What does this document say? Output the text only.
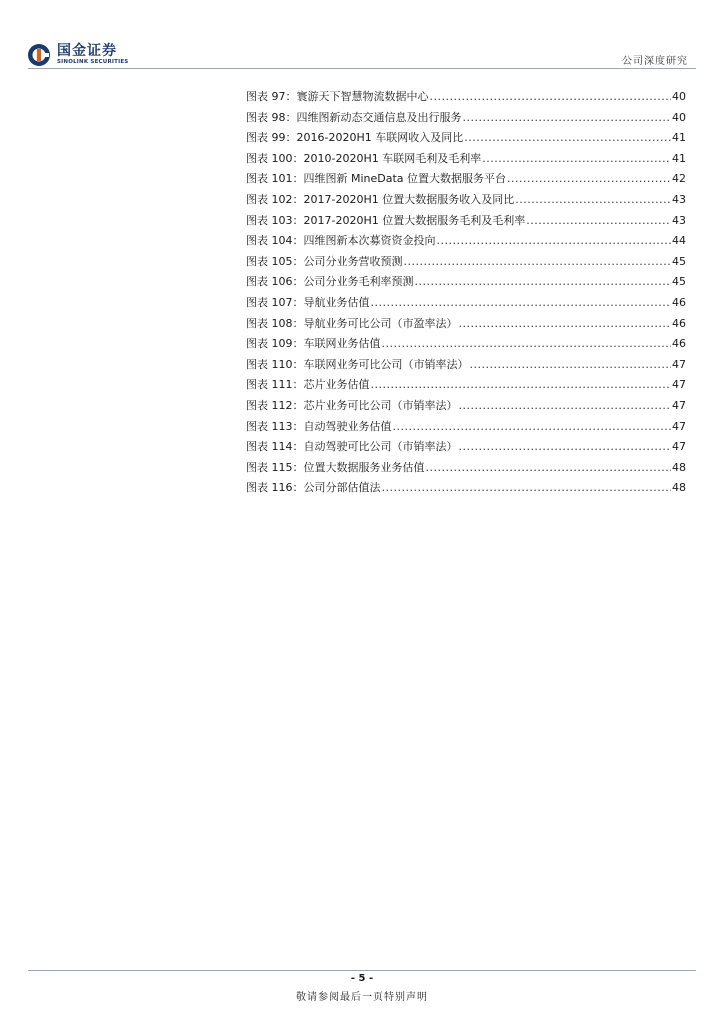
国金证券
SINOLINK SECURITIES	公司深度研究
图表 97：寰游天下智慧物流数据中心 .....	40
图表 98：四维图新动态交通信息及出行服务 .....	40
图表 99：2016-2020H1 车联网收入及同比 .....	41
图表 100：2010-2020H1 车联网毛利及毛利率 .....	41
图表 101：四维图新 MineData 位置大数据服务平台 .....	42
图表 102：2017-2020H1 位置大数据服务收入及同比 .....	43
图表 103：2017-2020H1 位置大数据服务毛利及毛利率 .....	43
图表 104：四维图新本次募资资金投向 .....	44
图表 105：公司分业务营收预测 .....	45
图表 106：公司分业务毛利率预测 .....	45
图表 107：导航业务估值 .....	46
图表 108：导航业务可比公司（市盈率法） .....	46
图表 109：车联网业务估值 .....	46
图表 110：车联网业务可比公司（市销率法） .....	47
图表 111：芯片业务估值 .....	47
图表 112：芯片业务可比公司（市销率法） .....	47
图表 113：自动驾驶业务估值 .....	47
图表 114：自动驾驶可比公司（市销率法） .....	47
图表 115：位置大数据服务业务估值 .....	48
图表 116：公司分部估值法 .....	48
- 5 -
敬请参阅最后一页特别声明
